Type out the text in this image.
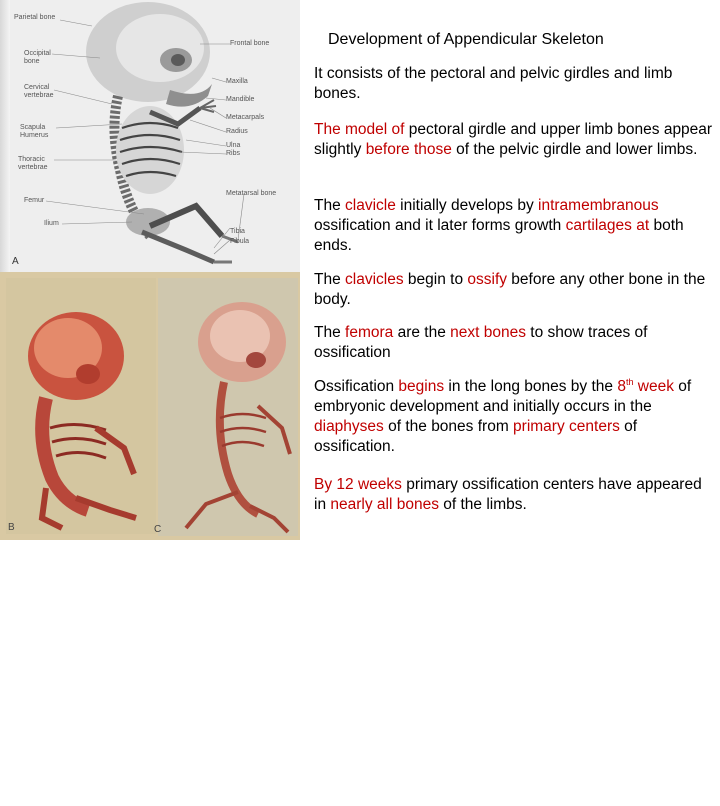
Parietal bone
Occipital
bone
Cervical
vertebrae
Scapula
Humerus
Thoracic
vertebrae
Femur
Ilium
Frontal bone
Maxilla
Mandible
Metacarpals
Radius
Ulna
Ribs
Metatarsal bone
Tibia
Fibula
A
B	C
Development of Appendicular Skeleton

It consists of the pectoral and pelvic girdles and limb bones.

The model of pectoral girdle and upper limb bones appear slightly before those of the pelvic girdle and lower limbs.

The clavicle initially develops by intramembranous ossification and it later forms growth cartilages at both ends.

The clavicles begin to ossify before any other bone in the body.

The femora are the next bones to show traces of ossification

Ossification begins in the long bones by the 8th week of embryonic development and initially occurs in the diaphyses of the bones from primary centers of ossification.

By 12 weeks primary ossification centers have appeared in nearly all bones of the limbs.
